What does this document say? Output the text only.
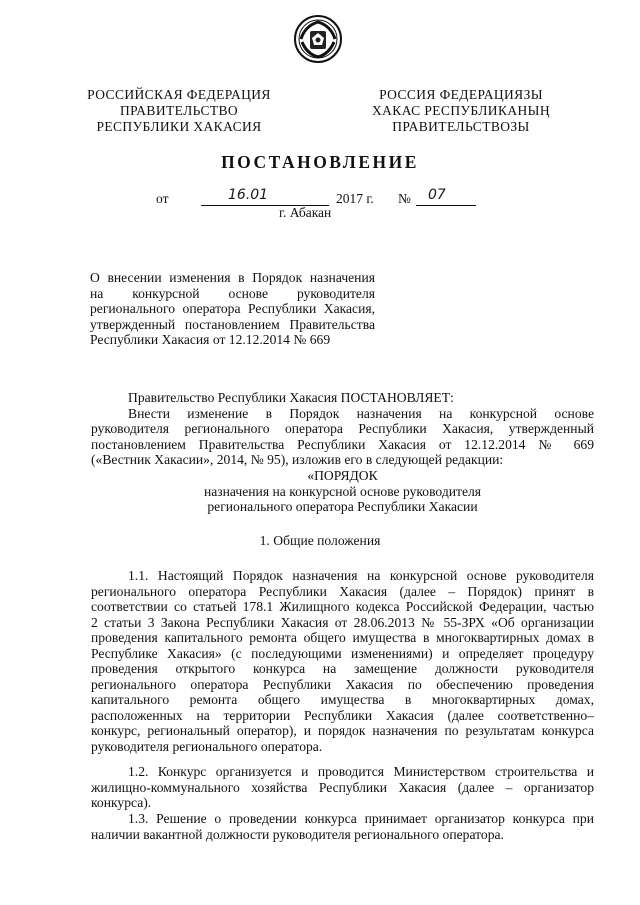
РОССИЙСКАЯ ФЕДЕРАЦИЯ
ПРАВИТЕЛЬСТВО
РЕСПУБЛИКИ ХАКАСИЯ
РОССИЯ ФЕДЕРАЦИЯЗЫ
ХАКАС РЕСПУБЛИКАНЫҢ
ПРАВИТЕЛЬСТВОЗЫ
ПОСТАНОВЛЕНИЕ
от	16.01	2017 г. № 07
г. Абакан
О внесении изменения в Порядок назначения
на конкурсной основе руководителя
регионального оператора Республики Хакасия,
утвержденный постановлением Правительства
Республики Хакасия от 12.12.2014 № 669
Правительство Республики Хакасия ПОСТАНОВЛЯЕТ:
Внести изменение в Порядок назначения на конкурсной основе
руководителя регионального оператора Республики Хакасия, утвержденный
постановлением Правительства Республики Хакасия от 12.12.2014 № 669
(«Вестник Хакасии», 2014, № 95), изложив его в следующей редакции:
«ПОРЯДОК
назначения на конкурсной основе руководителя
регионального оператора Республики Хакасии
1. Общие положения
1.1. Настоящий Порядок назначения на конкурсной основе руководителя
регионального оператора Республики Хакасия (далее – Порядок) принят в
соответствии со статьей 178.1 Жилищного кодекса Российской Федерации, частью
2 статьи 3 Закона Республики Хакасия от 28.06.2013 № 55-ЗРХ «Об организации
проведения капитального ремонта общего имущества в многоквартирных домах в
Республике Хакасия» (с последующими изменениями) и определяет процедуру
проведения открытого конкурса на замещение должности руководителя
регионального оператора Республики Хакасия по обеспечению проведения
капитального ремонта общего имущества в многоквартирных домах,
расположенных на территории Республики Хакасия (далее соответственно–
конкурс, региональный оператор), и порядок назначения по результатам конкурса
руководителя регионального оператора.
1.2. Конкурс организуется и проводится Министерством строительства и
жилищно-коммунального хозяйства Республики Хакасия (далее – организатор
конкурса).
1.3. Решение о проведении конкурса принимает организатор конкурса при
наличии вакантной должности руководителя регионального оператора.
